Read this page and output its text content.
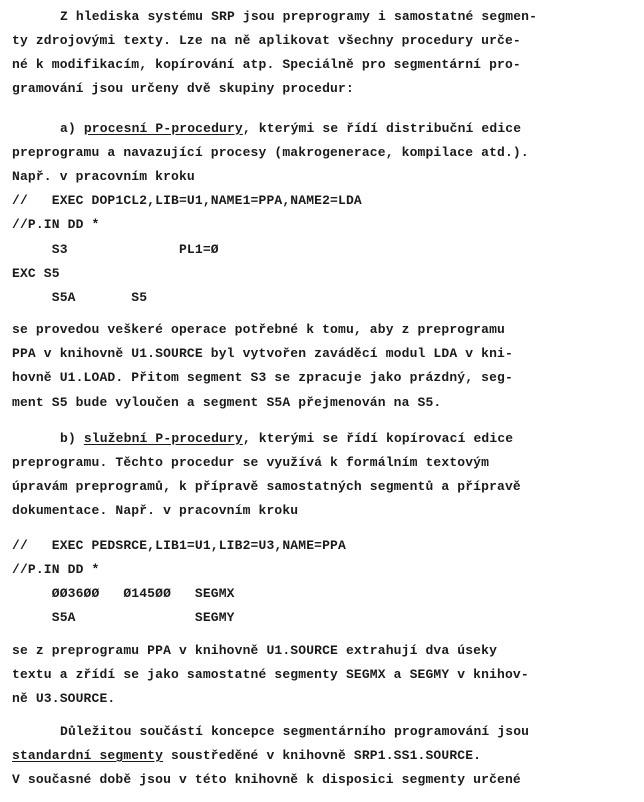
Z hlediska systému SRP jsou preprogramy i samostatné segmen-
ty zdrojovými texty. Lze na ně aplikovat všechny procedury urče-
né k modifikacím, kopírování atp. Speciálně pro segmentární pro-
gramování jsou určeny dvě skupiny procedur:
a) procesní P-procedury, kterými se řídí distribuční edice
preprogramu a navazující procesy (makrogenerace, kompilace atd.).
Např. v pracovním kroku
//   EXEC DOP1CL2,LIB=U1,NAME1=PPA,NAME2=LDA
//P.IN DD *
S3              PL1=Ø
EXC S5
S5A       S5
se provedou veškeré operace potřebné k tomu, aby z preprogramu
PPA v knihovně U1.SOURCE byl vytvořen zaváděcí modul LDA v kni-
hovně U1.LOAD. Přitom segment S3 se zpracuje jako prázdný, seg-
ment S5 bude vyloučen a segment S5A přejmenován na S5.
b) služební P-procedury, kterými se řídí kopírovací edice
preprogramu. Těchto procedur se využívá k formálním textovým
úpravám preprogramů, k přípravě samostatných segmentů a přípravě
dokumentace. Např. v pracovním kroku
//   EXEC PEDSRCE,LIB1=U1,LIB2=U3,NAME=PPA
//P.IN DD *
ØØ36ØØ   Ø145ØØ   SEGMX
S5A               SEGMY
se z preprogramu PPA v knihovně U1.SOURCE extrahují dva úseky
textu a zřídí se jako samostatné segmenty SEGMX a SEGMY v knihov-
ně U3.SOURCE.
Důležitou součástí koncepce segmentárního programování jsou
standardní segmenty soustředěné v knihovně SRP1.SS1.SOURCE.
V současné době jsou v této knihovně k disposici segmenty určené
